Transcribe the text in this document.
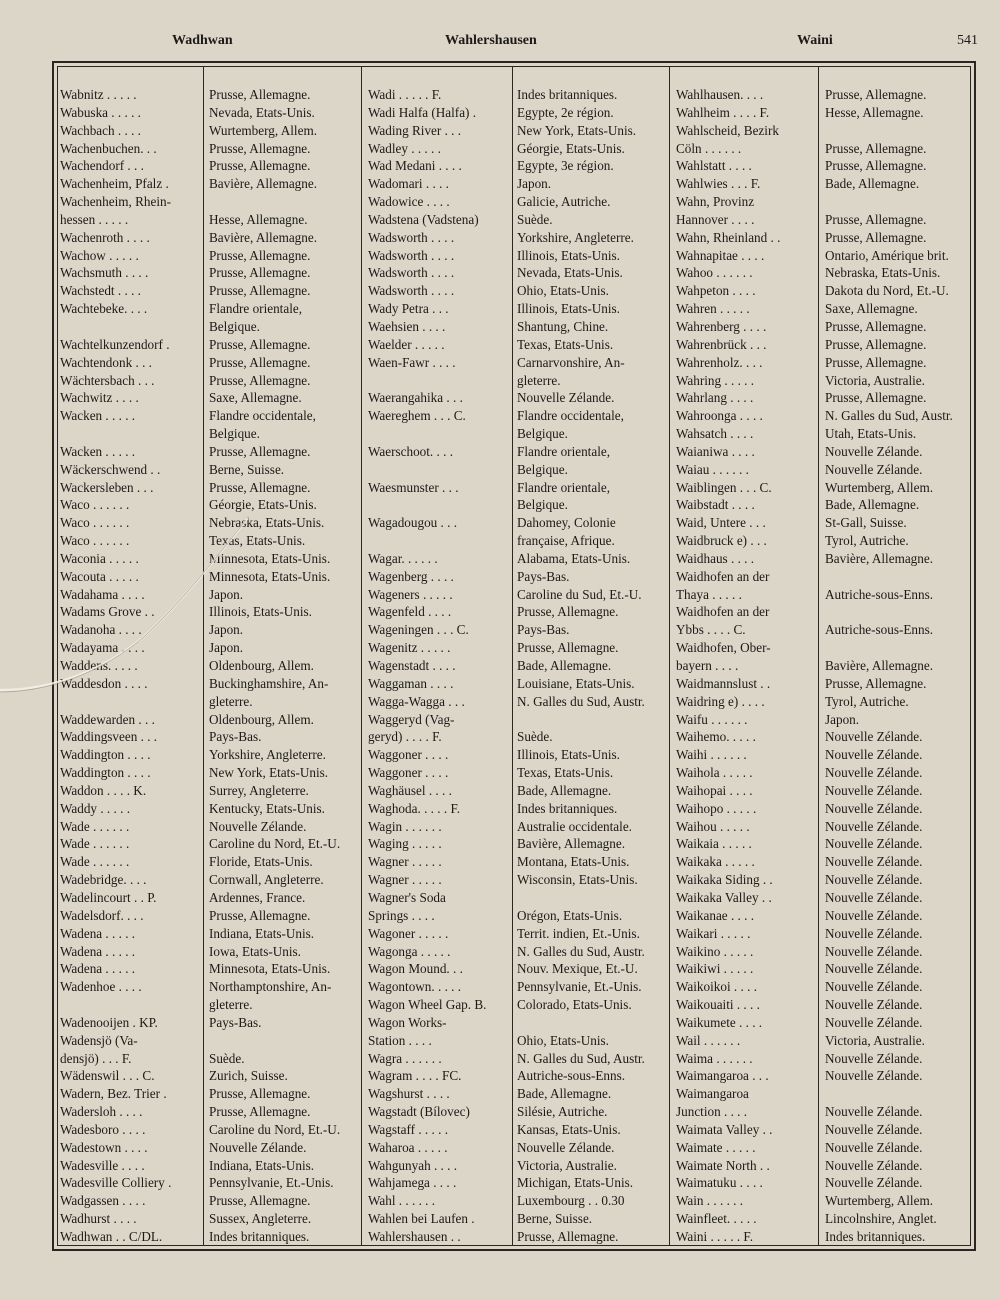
Wadhwan	Wahlershausen	Waini	541
Wabnitz . . . . .	Prusse, Allemagne.
Wabuska . . . . .	Nevada, Etats-Unis.
Wachbach . . . .	Wurtemberg, Allem.
Wachenbuchen. . .	Prusse, Allemagne.
Wachendorf . . .	Prusse, Allemagne.
Wachenheim, Pfalz .	Bavière, Allemagne.
Wachenheim, Rhein-
hessen . . . . .	Hesse, Allemagne.
Wachenroth . . . .	Bavière, Allemagne.
Wachow . . . . .	Prusse, Allemagne.
Wachsmuth . . . .	Prusse, Allemagne.
Wachstedt . . . .	Prusse, Allemagne.
Wachtebeke. . . .	Flandre orientale,
Belgique.
Wachtelkunzendorf .	Prusse, Allemagne.
Wachtendonk . . .	Prusse, Allemagne.
Wächtersbach . . .	Prusse, Allemagne.
Wachwitz . . . .	Saxe, Allemagne.
Wacken . . . . .	Flandre occidentale,
Belgique.
Wacken . . . . .	Prusse, Allemagne.
Wäckerschwend . .	Berne, Suisse.
Wackersleben . . .	Prusse, Allemagne.
Waco . . . . . .	Géorgie, Etats-Unis.
Waco . . . . . .	Nebraska, Etats-Unis.
Waco . . . . . .	Texas, Etats-Unis.
Waconia . . . . .	Minnesota, Etats-Unis.
Wacouta . . . . .	Minnesota, Etats-Unis.
Wadahama . . . .	Japon.
Wadams Grove . .	Illinois, Etats-Unis.
Wadanoha . . . .	Japon.
Wadayama . . . .	Japon.
Waddens. . . . .	Oldenbourg, Allem.
Waddesdon . . . .	Buckinghamshire, An-
gleterre.
Waddewarden . . .	Oldenbourg, Allem.
Waddingsveen . . .	Pays-Bas.
Waddington . . . .	Yorkshire, Angleterre.
Waddington . . . .	New York, Etats-Unis.
Waddon . . . . K.	Surrey, Angleterre.
Waddy . . . . .	Kentucky, Etats-Unis.
Wade . . . . . .	Nouvelle Zélande.
Wade . . . . . .	Caroline du Nord, Et.-U.
Wade . . . . . .	Floride, Etats-Unis.
Wadebridge. . . .	Cornwall, Angleterre.
Wadelincourt . . P.	Ardennes, France.
Wadelsdorf. . . .	Prusse, Allemagne.
Wadena . . . . .	Indiana, Etats-Unis.
Wadena . . . . .	Iowa, Etats-Unis.
Wadena . . . . .	Minnesota, Etats-Unis.
Wadenhoe . . . .	Northamptonshire, An-
gleterre.
Wadenooijen . KP.	Pays-Bas.
Wadensjö (Va-
densjö) . . . F.	Suède.
Wädenswil . . . C.	Zurich, Suisse.
Wadern, Bez. Trier .	Prusse, Allemagne.
Wadersloh . . . .	Prusse, Allemagne.
Wadesboro . . . .	Caroline du Nord, Et.-U.
Wadestown . . . .	Nouvelle Zélande.
Wadesville . . . .	Indiana, Etats-Unis.
Wadesville Colliery .	Pennsylvanie, Et.-Unis.
Wadgassen . . . .	Prusse, Allemagne.
Wadhurst . . . .	Sussex, Angleterre.
Wadhwan . . C/DL.	Indes britanniques.
Wadi . . . . . F.	Indes britanniques.
Wadi Halfa (Halfa) .	Egypte, 2e région.
Wading River . . .	New York, Etats-Unis.
Wadley . . . . .	Géorgie, Etats-Unis.
Wad Medani . . . .	Egypte, 3e région.
Wadomari . . . .	Japon.
Wadowice . . . .	Galicie, Autriche.
Wadstena (Vadstena)	Suède.
Wadsworth . . . .	Yorkshire, Angleterre.
Wadsworth . . . .	Illinois, Etats-Unis.
Wadsworth . . . .	Nevada, Etats-Unis.
Wadsworth . . . .	Ohio, Etats-Unis.
Wady Petra . . .	Illinois, Etats-Unis.
Waehsien . . . .	Shantung, Chine.
Waelder . . . . .	Texas, Etats-Unis.
Waen-Fawr . . . .	Carnarvonshire, An-
gleterre.
Waerangahika . . .	Nouvelle Zélande.
Waereghem . . . C.	Flandre occidentale,
Belgique.
Waerschoot. . . .	Flandre orientale,
Belgique.
Waesmunster . . .	Flandre orientale,
Belgique.
Wagadougou . . .	Dahomey, Colonie
française, Afrique.
Wagar. . . . . .	Alabama, Etats-Unis.
Wagenberg . . . .	Pays-Bas.
Wageners . . . . .	Caroline du Sud, Et.-U.
Wagenfeld . . . .	Prusse, Allemagne.
Wageningen . . . C.	Pays-Bas.
Wagenitz . . . . .	Prusse, Allemagne.
Wagenstadt . . . .	Bade, Allemagne.
Waggaman . . . .	Louisiane, Etats-Unis.
Wagga-Wagga . . .	N. Galles du Sud, Austr.
Waggeryd (Vag-
geryd) . . . . F.	Suède.
Waggoner . . . .	Illinois, Etats-Unis.
Waggoner . . . .	Texas, Etats-Unis.
Waghäusel . . . .	Bade, Allemagne.
Waghoda. . . . . F.	Indes britanniques.
Wagin . . . . . .	Australie occidentale.
Waging . . . . .	Bavière, Allemagne.
Wagner . . . . .	Montana, Etats-Unis.
Wagner . . . . .	Wisconsin, Etats-Unis.
Wagner's Soda
Springs . . . .	Orégon, Etats-Unis.
Wagoner . . . . .	Territ. indien, Et.-Unis.
Wagonga . . . . .	N. Galles du Sud, Austr.
Wagon Mound. . .	Nouv. Mexique, Et.-U.
Wagontown. . . . .	Pennsylvanie, Et.-Unis.
Wagon Wheel Gap. B.	Colorado, Etats-Unis.
Wagon Works-
Station . . . .	Ohio, Etats-Unis.
Wagra . . . . . .	N. Galles du Sud, Austr.
Wagram . . . . FC.	Autriche-sous-Enns.
Wagshurst . . . .	Bade, Allemagne.
Wagstadt (Bílovec)	Silésie, Autriche.
Wagstaff . . . . .	Kansas, Etats-Unis.
Waharoa . . . . .	Nouvelle Zélande.
Wahgunyah . . . .	Victoria, Australie.
Wahjamega . . . .	Michigan, Etats-Unis.
Wahl . . . . . .	Luxembourg . . 0.30
Wahlen bei Laufen .	Berne, Suisse.
Wahlershausen . .	Prusse, Allemagne.
Wahlhausen. . . .	Prusse, Allemagne.
Wahlheim . . . . F.	Hesse, Allemagne.
Wahlscheid, Bezirk
Cöln . . . . . .	Prusse, Allemagne.
Wahlstatt . . . .	Prusse, Allemagne.
Wahlwies . . . F.	Bade, Allemagne.
Wahn, Provinz
Hannover . . . .	Prusse, Allemagne.
Wahn, Rheinland . .	Prusse, Allemagne.
Wahnapitae . . . .	Ontario, Amérique brit.
Wahoo . . . . . .	Nebraska, Etats-Unis.
Wahpeton . . . .	Dakota du Nord, Et.-U.
Wahren . . . . .	Saxe, Allemagne.
Wahrenberg . . . .	Prusse, Allemagne.
Wahrenbrück . . .	Prusse, Allemagne.
Wahrenholz. . . .	Prusse, Allemagne.
Wahring . . . . .	Victoria, Australie.
Wahrlang . . . .	Prusse, Allemagne.
Wahroonga . . . .	N. Galles du Sud, Austr.
Wahsatch . . . .	Utah, Etats-Unis.
Waianiwa . . . .	Nouvelle Zélande.
Waiau . . . . . .	Nouvelle Zélande.
Waiblingen . . . C.	Wurtemberg, Allem.
Waibstadt . . . .	Bade, Allemagne.
Waid, Untere . . .	St-Gall, Suisse.
Waidbruck e) . . .	Tyrol, Autriche.
Waidhaus . . . .	Bavière, Allemagne.
Waidhofen an der
Thaya . . . . .	Autriche-sous-Enns.
Waidhofen an der
Ybbs . . . . C.	Autriche-sous-Enns.
Waidhofen, Ober-
bayern . . . .	Bavière, Allemagne.
Waidmannslust . .	Prusse, Allemagne.
Waidring e) . . . .	Tyrol, Autriche.
Waifu . . . . . .	Japon.
Waihemo. . . . .	Nouvelle Zélande.
Waihi . . . . . .	Nouvelle Zélande.
Waihola . . . . .	Nouvelle Zélande.
Waihopai . . . .	Nouvelle Zélande.
Waihopo . . . . .	Nouvelle Zélande.
Waihou . . . . .	Nouvelle Zélande.
Waikaia . . . . .	Nouvelle Zélande.
Waikaka . . . . .	Nouvelle Zélande.
Waikaka Siding . .	Nouvelle Zélande.
Waikaka Valley . .	Nouvelle Zélande.
Waikanae . . . .	Nouvelle Zélande.
Waikari . . . . .	Nouvelle Zélande.
Waikino . . . . .	Nouvelle Zélande.
Waikiwi . . . . .	Nouvelle Zélande.
Waikoikoi . . . .	Nouvelle Zélande.
Waikouaiti . . . .	Nouvelle Zélande.
Waikumete . . . .	Nouvelle Zélande.
Wail . . . . . .	Victoria, Australie.
Waima . . . . . .	Nouvelle Zélande.
Waimangaroa . . .	Nouvelle Zélande.
Waimangaroa
Junction . . . .	Nouvelle Zélande.
Waimata Valley . .	Nouvelle Zélande.
Waimate . . . . .	Nouvelle Zélande.
Waimate North . .	Nouvelle Zélande.
Waimatuku . . . .	Nouvelle Zélande.
Wain . . . . . .	Wurtemberg, Allem.
Wainfleet. . . . .	Lincolnshire, Anglet.
Waini . . . . . F.	Indes britanniques.
